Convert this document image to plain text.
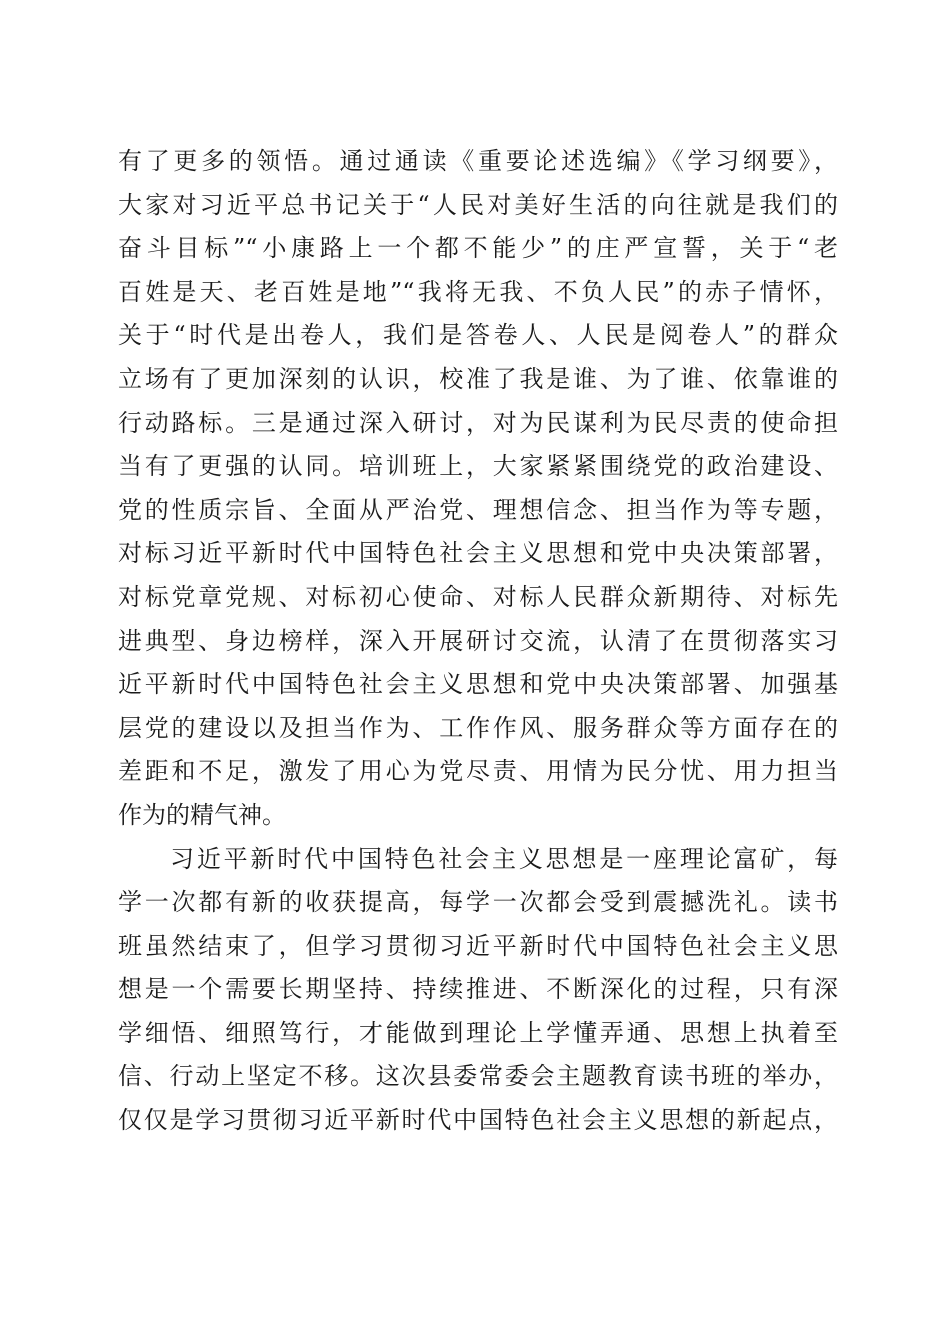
有了更多的领悟。通过通读《重要论述选编》《学习纲要》，
大家对习近平总书记关于“人民对美好生活的向往就是我们的
奋斗目标”“小康路上一个都不能少”的庄严宣誓，关于“老
百姓是天、老百姓是地”“我将无我、不负人民”的赤子情怀，
关于“时代是出卷人，我们是答卷人、人民是阅卷人”的群众
立场有了更加深刻的认识，校准了我是谁、为了谁、依靠谁的
行动路标。三是通过深入研讨，对为民谋利为民尽责的使命担
当有了更强的认同。培训班上，大家紧紧围绕党的政治建设、
党的性质宗旨、全面从严治党、理想信念、担当作为等专题，
对标习近平新时代中国特色社会主义思想和党中央决策部署，
对标党章党规、对标初心使命、对标人民群众新期待、对标先
进典型、身边榜样，深入开展研讨交流，认清了在贯彻落实习
近平新时代中国特色社会主义思想和党中央决策部署、加强基
层党的建设以及担当作为、工作作风、服务群众等方面存在的
差距和不足，激发了用心为党尽责、用情为民分忧、用力担当
作为的精气神。
习近平新时代中国特色社会主义思想是一座理论富矿，每
学一次都有新的收获提高，每学一次都会受到震撼洗礼。读书
班虽然结束了，但学习贯彻习近平新时代中国特色社会主义思
想是一个需要长期坚持、持续推进、不断深化的过程，只有深
学细悟、细照笃行，才能做到理论上学懂弄通、思想上执着至
信、行动上坚定不移。这次县委常委会主题教育读书班的举办，
仅仅是学习贯彻习近平新时代中国特色社会主义思想的新起点，
